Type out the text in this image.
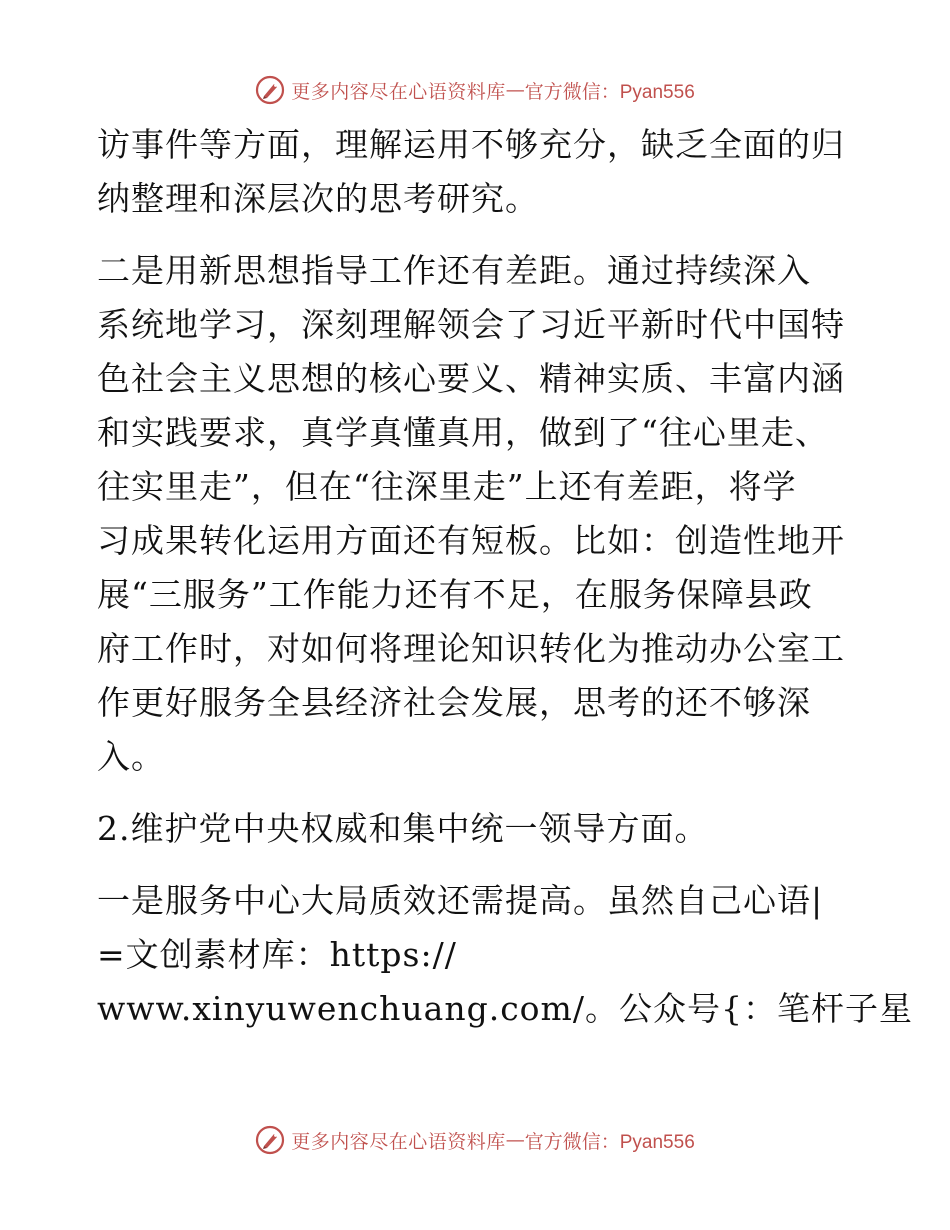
更多内容尽在心语资料库 — 官方微信：Pyan556
访事件等方面，理解运用不够充分，缺乏全面的归
纳整理和深层次的思考研究。
二是用新思想指导工作还有差距。通过持续深入
系统地学习，深刻理解领会了习近平新时代中国特
色社会主义思想的核心要义、精神实质、丰富内涵
和实践要求，真学真懂真用，做到了“往心里走、
往实里走”，但在“往深里走”上还有差距，将学
习成果转化运用方面还有短板。比如：创造性地开
展“三服务”工作能力还有不足，在服务保障县政
府工作时，对如何将理论知识转化为推动办公室工
作更好服务全县经济社会发展，思考的还不够深
入。
2.维护党中央权威和集中统一领导方面。
一是服务中心大局质效还需提高。虽然自己心语|
=文创素材库：https://
www.xinyuwenchuang.com/。公众号{：笔杆子星
更多内容尽在心语资料库 — 官方微信：Pyan556
